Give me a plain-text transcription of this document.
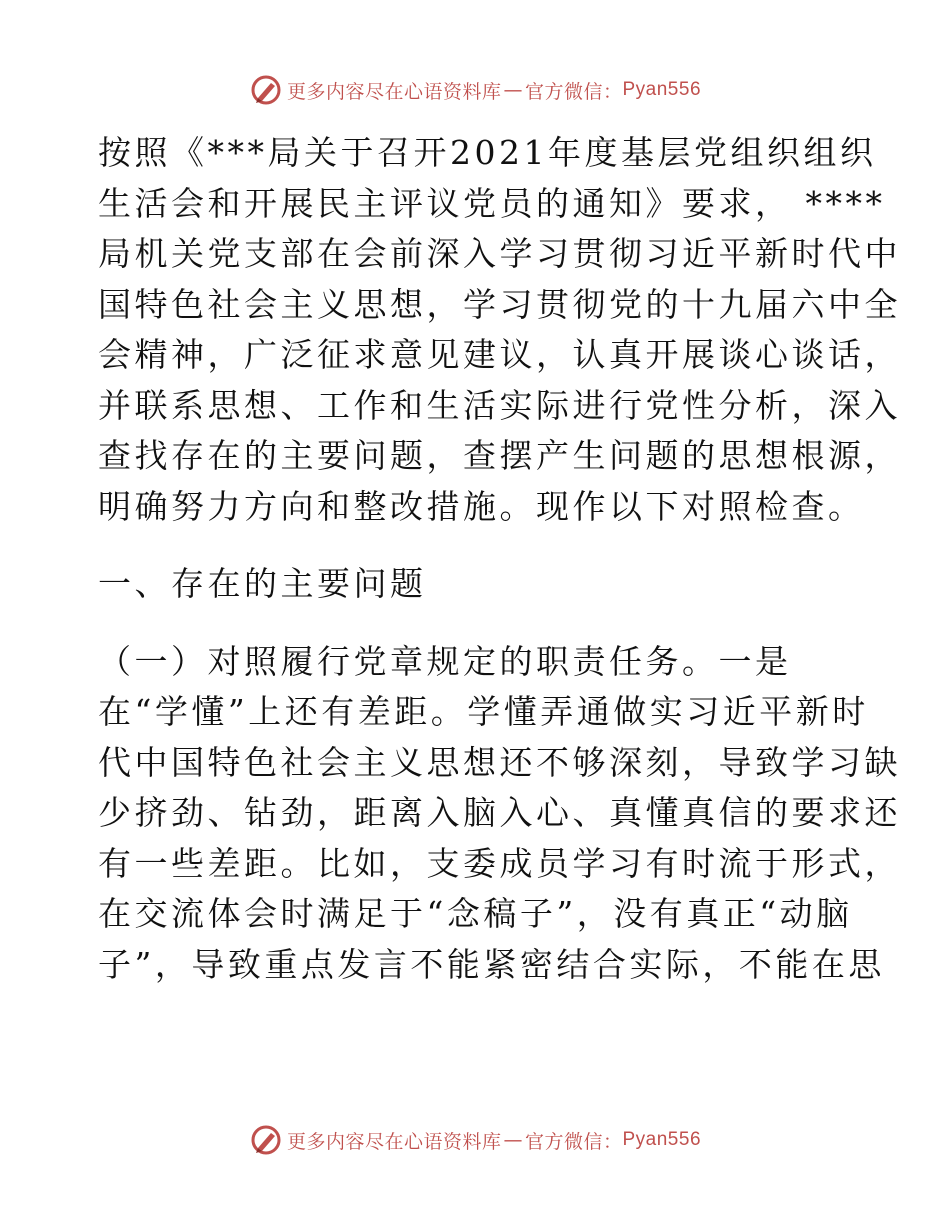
更多内容尽在心语资料库 — 官方微信： Pyan556
按照《***局关于召开2021年度基层党组织组织
生活会和开展民主评议党员的通知》要求， ****
局机关党支部在会前深入学习贯彻习近平新时代中
国特色社会主义思想，学习贯彻党的十九届六中全
会精神，广泛征求意见建议，认真开展谈心谈话，
并联系思想、工作和生活实际进行党性分析，深入
查找存在的主要问题，查摆产生问题的思想根源，
明确努力方向和整改措施。现作以下对照检查。
一、存在的主要问题
（一）对照履行党章规定的职责任务。一是
在“学懂”上还有差距。学懂弄通做实习近平新时
代中国特色社会主义思想还不够深刻，导致学习缺
少挤劲、钻劲，距离入脑入心、真懂真信的要求还
有一些差距。比如，支委成员学习有时流于形式，
在交流体会时满足于“念稿子”，没有真正“动脑
子”，导致重点发言不能紧密结合实际，不能在思
更多内容尽在心语资料库 — 官方微信： Pyan556
